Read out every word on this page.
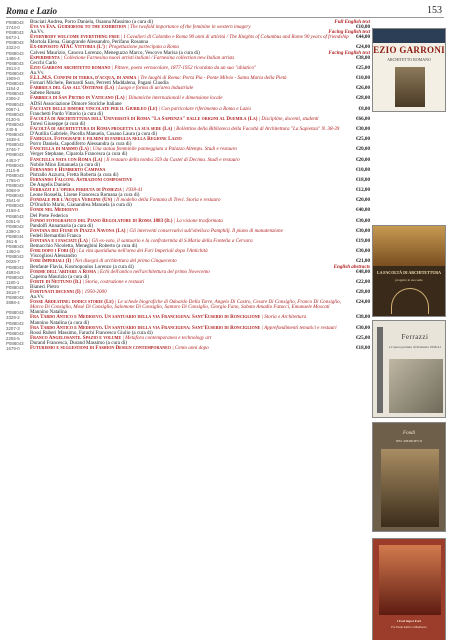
Roma e Lazio	153
P088043	Braciati Andrea, Porro Daniela, Osanna Massimo (a cura di)	Full English text
3743-0	Eva vs Eva. Guidebook to the exhibition | The twofold importance of the feminine in western imagery	€10,00
P088043	Aa.Vv.	Facing English text
5673-1	Everybody welcome everything free | I Cavalieri di Colombo e Roma 90 anni di attività / The Knights of Columbus and Rome 90 years of friendship	€44,00
P088043	Mortola Elena, Giangrande Alessandro, Perifano Rosanna
3323-0	Ex-deposito ATAC Vittoria (L') | Progettazione partecipata a Roma	€24,00
P088043	Calvesi Maurizio, Canova Lorenzo, Meneguzzo Marco, Vescovo Marisa (a cura di)	Facing English text
1486-4	Esperimenta | Collezione Farnesina nuovi artisti italiani / Farnesina collection new Italian artists	€38,00
P088043	Cecchi Carlo
3913-3	Ezio Garroni architetto romano | Pittore, poeta vernacolare, 1877-1952 ricordato da un suo "abiatico"	€25,00
P088043	Aa.Vv.
1909-0	F.LL.M.S. Confini di terra, d'acqua, di anima | Tre luoghi di Roma: Porta Pia - Ponte Milvio - Santa Maria della Pietà	€10,00
P088043	Fornari Michele, Bernardi Sara, Perretti Maddalena, Pagani Claudia
1154-2	Fabbrica del Gas all'Ostiense (La) | Luogo e forma di un'area industriale	€26,00
P088043	Sabene Renata
2306-2	Fabbrica di San Pietro in Vaticano (La) | Dinamiche internazionali e dimensione locale	€28,00
P088043	ADSI Associazione Dimore Storiche Italiane
0087-1	Facciate delle dimore vincolate per il Giubileo (Le) | Con particolare riferimento a Roma e Lazio	€8,00
P088043	Franchetti Pardo Vittorio (a cura di)
0130-5	Facoltà di Architettura dell'Università di Roma "La Sapienza" dalle origini al Duemila (La) | Discipline, docenti, studenti	€66,00
P088043	Toresi Giuseppe (a cura di)
240-5	Facoltà di architettura di Roma progetta la sua sede (La) | Bollettino della Biblioteca della Facoltà di Architettura "La Sapienza" N. 38-39	€30,00
P088043	D'Autilia Gabriele, Pacella Manuela, Cusano Laura (a cura di)
1638-4	Famiglia. Fotografie e filmini di famiglia nella Regione Lazio	€25,00
P088043	Porro Daniela, Capodiferro Alessandra (a cura di)
3746-7	Fanciulla di marmo (La) | Una statua femminile panneggiata a Palazzo Altemps. Studi e restauro	€20,00
P088043	Verger Stephane, Ciparola Francesca (a cura di)
4453-7	Fanciulla nata con Roma (La) | Il restauro della tomba 359 da Castel di Decima. Studi e restauro	€20,00
P088043	Nobile Mino Emanuela (a cura di)
2115-9	Fernando e Humberto Campana	€10,00
P088043	Pistrallo Azzurra, Fretta Roberta (a cura di)
1765-0	Fernando Falconi. Astrazioni compositive	€18,00
P088043	De Angelis Daniela
3068-9	Ferrazzi e l'opera perduta di Pomezia | 1938-41	€12,00
P088043	Leone Rossella, Lisene Francesca Romana (a cura di)
3541-8	Fondale per l'Acqua Vergine (Un) | Il modello della Fontana di Trevi. Storia e restauro	€20,00
P088043	D'Onofrio Mario, Gianandrea Manuela (a cura di)
2158-4	Fondi nel Medioevo	€40,00
P088043	Del Prete Federico
0251-9	Fondo fotografico del Piano Regolatore di Roma 1883 (Il) | La visione trasformata	€30,00
P088043	Pandolfi Annamaria (a cura di)
2390-3	Fontana dei Fiumi in Piazza Navona (La) | Gli interventi conservativi sull'obelisco Pamphilj. Il piano di manutenzione	€30,00
P088044	Fedeli Bernardini Franca
361-5	Fontana e i fasciati (La) | Gli ex-voto, il santuario e la confraternita di S.Maria della Fontella a Cervara	€19,00
P088043	Bemacchio Nicoletta, Menegbini Roberto (a cura di)
1450-9	Fori dopo i Fori (I) | La vita quotidiana nell'area dei Fori Imperiali dopo l'Antichità	€30,00
P088043	Viscogliosi Alessandro
0028-7	Fori Imperiali (I) | Nei disegni di architettura del primo Cinquecento	€21,00
P088043	Benfante Flavia, Kosmopoulos Lorenzo (a cura di)	English abstracts
4593-6	Forme dell'abitare a Roma | Echi dell'antico nell'architettura del primo Novecento	€48,00
P088043	Caperna Maurizio (a cura di)
1180-1	Forte di Nettuno (Il) | Storia, costruzione e restauri	€22,00
P088043	Bianeci Pietro
3618-7	Fortunati decenni (I) | 1950-2000	€28,00
P088043	Aa.Vv.
3888-4	Fosse Ardeatine: dodici storie (Le) | Le schede biografiche di Odoardo Della Torre, Angelo Di Castro, Cesare Di Consiglio, Franco Di Consiglio, Marco Di Consiglio, Mosè Di Consiglio, Salomone Di Consiglio, Santoro Di Consiglio, Giorgio Fano, Sabato Amadio Fatucci, Emanuele Moscati
€24,00
P088043	Mannino Natalina
3329-2	Fra Tardo Antico e Medioevo. Un santuario della via Francigena: Sant'Eusebio di Ronciglione | Storia e Architettura	€38,00
P088043	Mannino Natalina (a cura di)
3207-3	Fra Tardo Antico e Medioevo. Un santuario della via Francigena: Sant'Eusebio di Ronciglione | Apprefondimenti tematici e restauri	€30,00
P088043	Rossi Ruberi Massimo, Farachi Francesco Giulio (a cura di)
2255-5	Franco Angelosante. Spazio e volume | Metafora contemporanea e technology art	€25,00
P088043	Durand Francesca, Durand Massimo (a cura di)
1679-0	Futurismo e suggestioni di Fashion Design contemporaneo | Cento anni dopo	€18,00
EZIO GARRONI
ARCHITETTO ROMANO
LA FACOLTÀ DI ARCHITETTURA
progetta la sua sede
Ferrazzi
e l'opera perduta di Pomezia 1938-41
Fondi
NEL MEDIOEVO
I Fori dopo i Fori
Fra Tardo Antico e Medioevo
